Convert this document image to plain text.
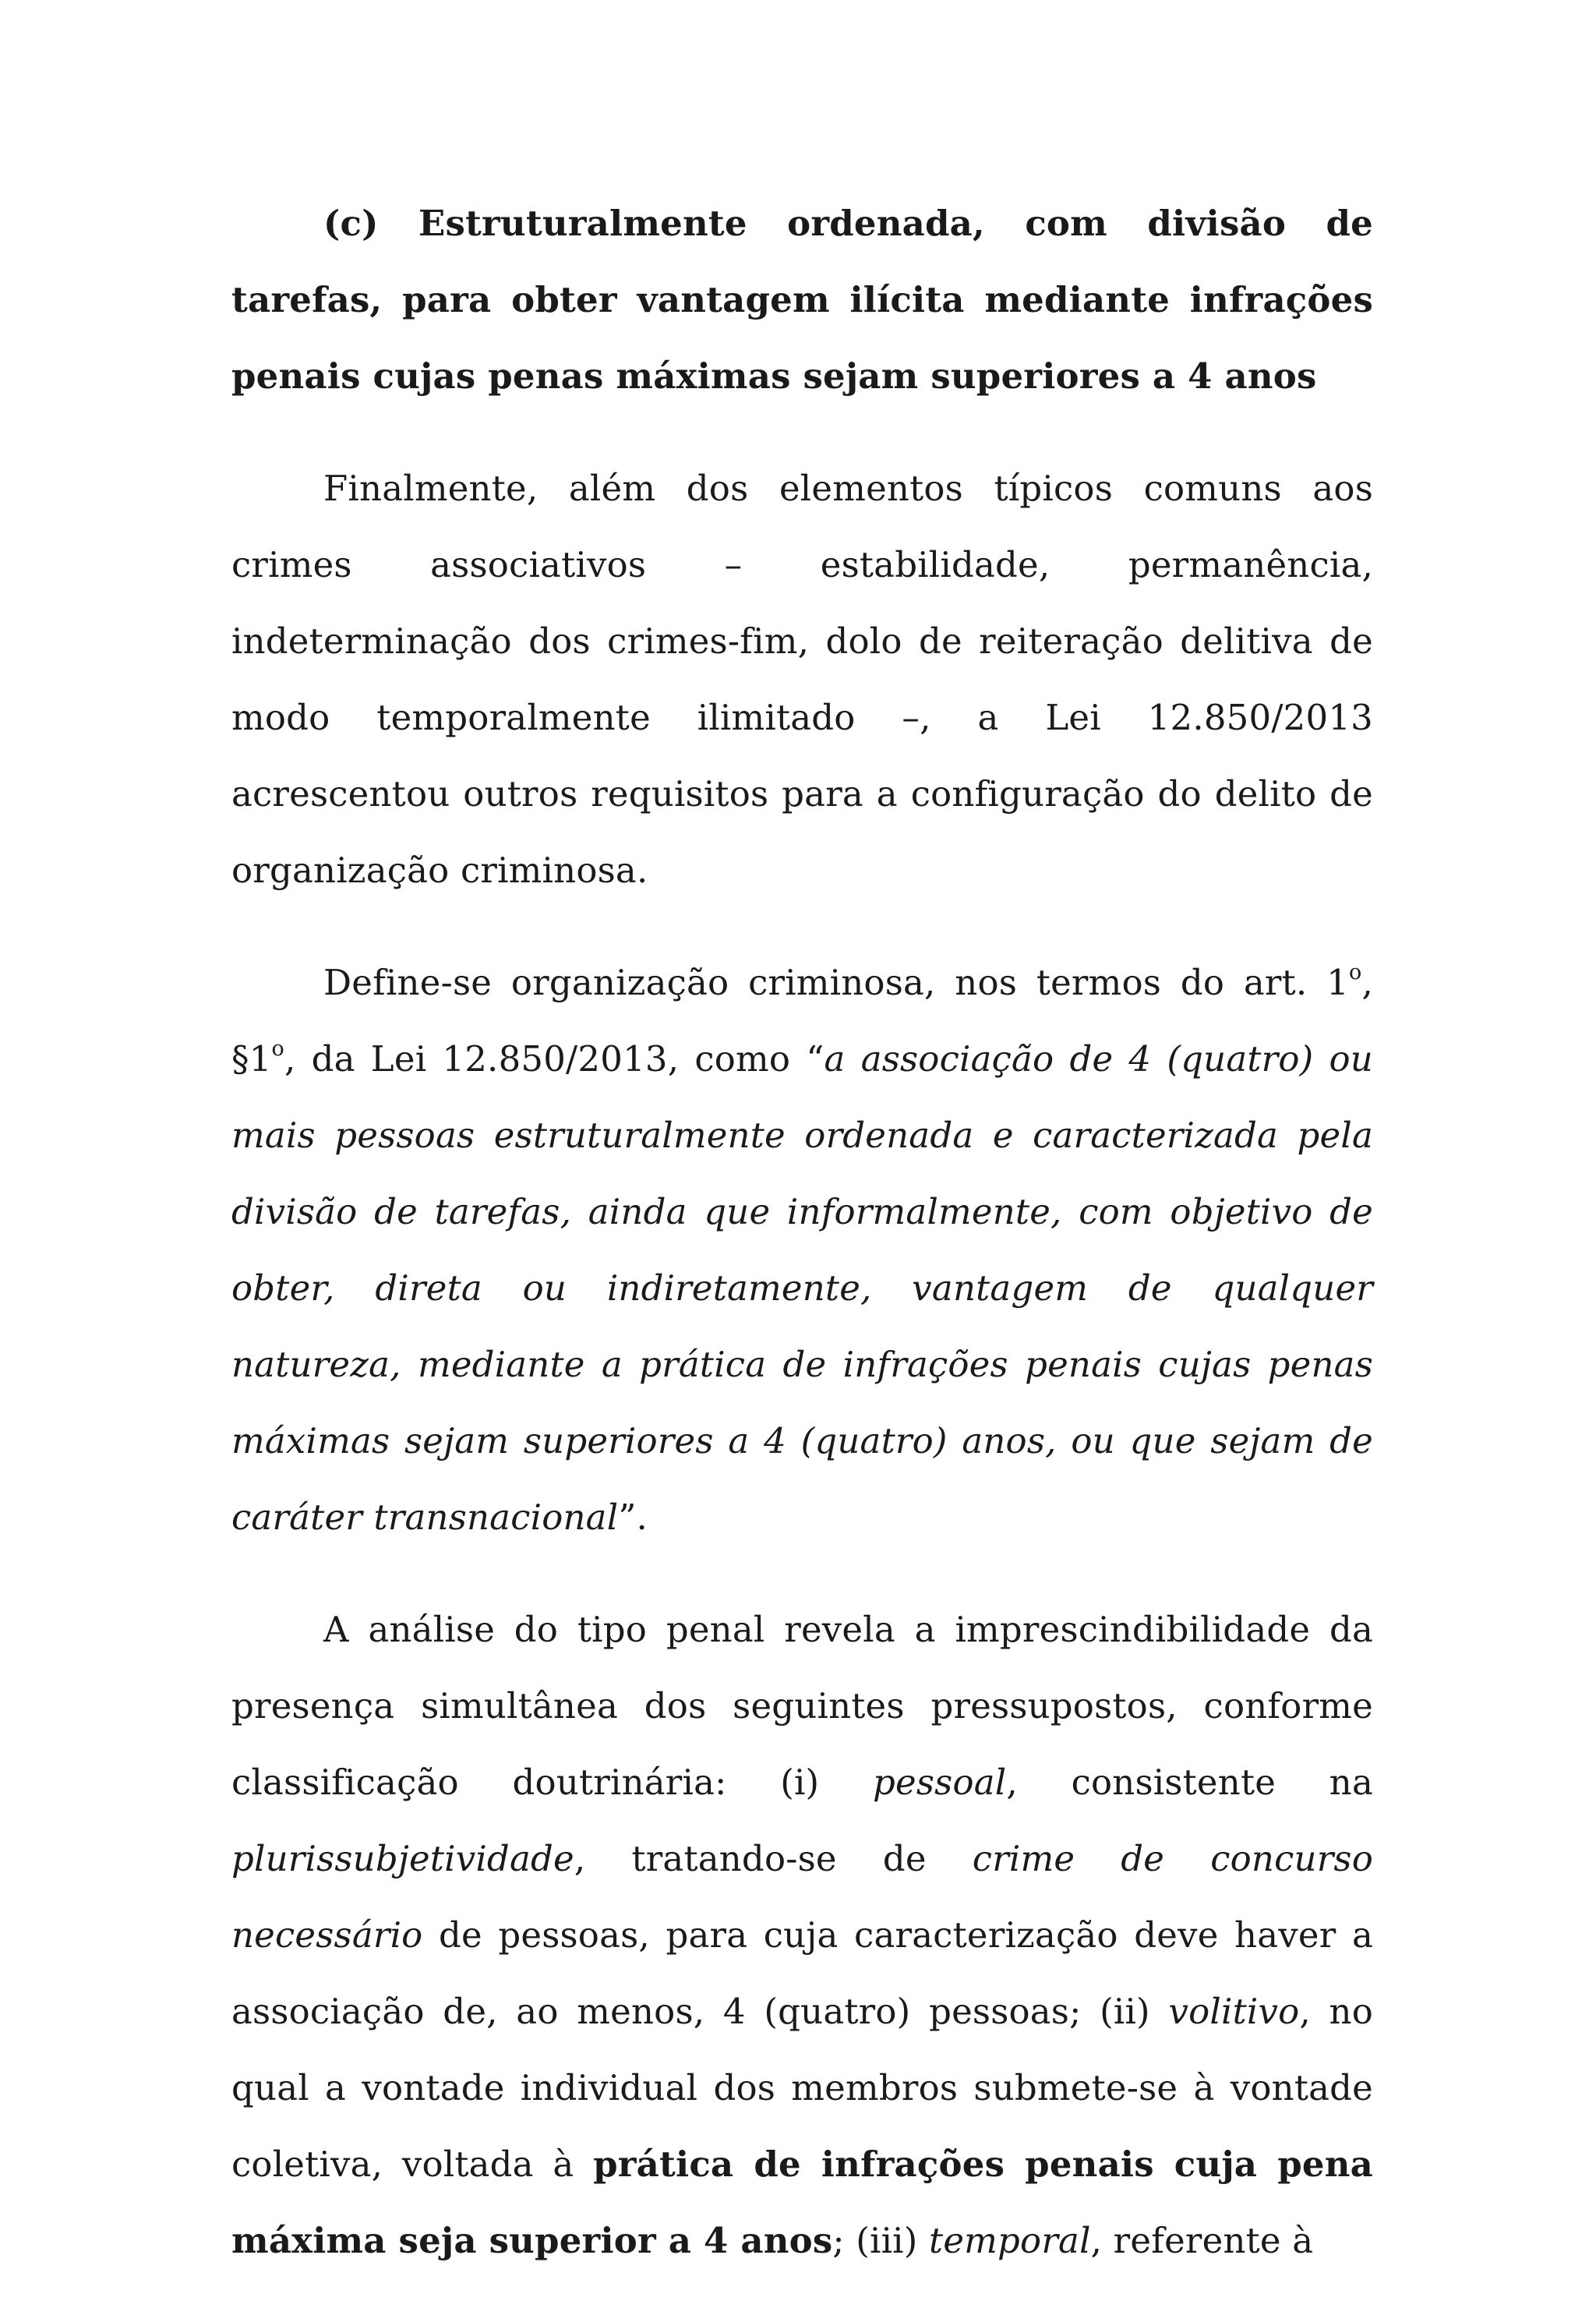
(c) Estruturalmente ordenada, com divisão de tarefas, para obter vantagem ilícita mediante infrações penais cujas penas máximas sejam superiores a 4 anos

Finalmente, além dos elementos típicos comuns aos crimes associativos – estabilidade, permanência, indeterminação dos crimes-fim, dolo de reiteração delitiva de modo temporalmente ilimitado –, a Lei 12.850/2013 acrescentou outros requisitos para a configuração do delito de organização criminosa.

Define-se organização criminosa, nos termos do art. 1$^o$, §1$^o$, da Lei 12.850/2013, como “a associação de 4 (quatro) ou mais pessoas estruturalmente ordenada e caracterizada pela divisão de tarefas, ainda que informalmente, com objetivo de obter, direta ou indiretamente, vantagem de qualquer natureza, mediante a prática de infrações penais cujas penas máximas sejam superiores a 4 (quatro) anos, ou que sejam de caráter transnacional”.

A análise do tipo penal revela a imprescindibilidade da presença simultânea dos seguintes pressupostos, conforme classificação doutrinária: (i) pessoal, consistente na plurissubjetividade, tratando-se de crime de concurso necessário de pessoas, para cuja caracterização deve haver a associação de, ao menos, 4 (quatro) pessoas; (ii) volitivo, no qual a vontade individual dos membros submete-se à vontade coletiva, voltada à prática de infrações penais cuja pena máxima seja superior a 4 anos; (iii) temporal, referente à
